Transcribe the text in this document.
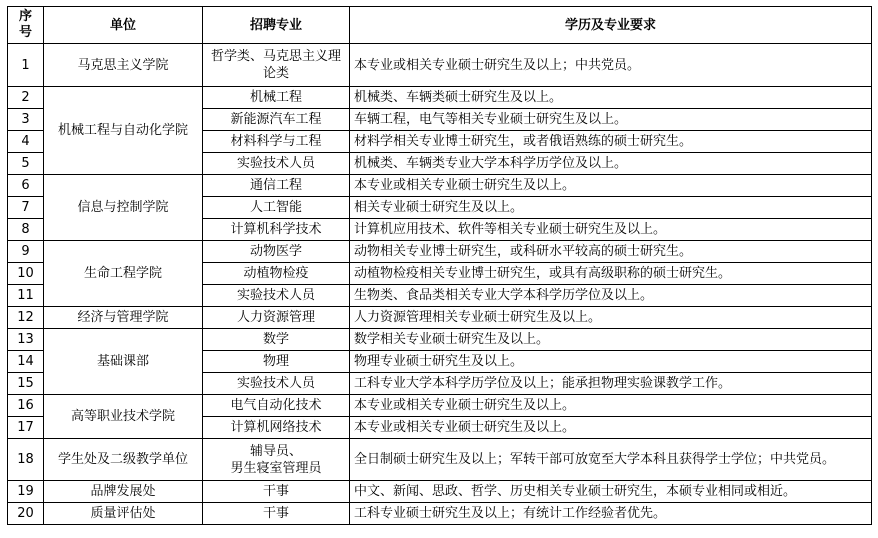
序
号	单位	招聘专业	学历及专业要求
1	马克思主义学院	哲学类、马克思主义理论类	本专业或相关专业硕士研究生及以上；中共党员。
2	机械工程与自动化学院	机械工程	机械类、车辆类硕士研究生及以上。
3		新能源汽车工程	车辆工程，电气等相关专业硕士研究生及以上。
4		材料科学与工程	材料学相关专业博士研究生，或者俄语熟练的硕士研究生。
5		实验技术人员	机械类、车辆类专业大学本科学历学位及以上。
6	信息与控制学院	通信工程	本专业或相关专业硕士研究生及以上。
7		人工智能	相关专业硕士研究生及以上。
8		计算机科学技术	计算机应用技术、软件等相关专业硕士研究生及以上。
9	生命工程学院	动物医学	动物相关专业博士研究生，或科研水平较高的硕士研究生。
10		动植物检疫	动植物检疫相关专业博士研究生，或具有高级职称的硕士研究生。
11		实验技术人员	生物类、食品类相关专业大学本科学历学位及以上。
12	经济与管理学院	人力资源管理	人力资源管理相关专业硕士研究生及以上。
13	基础课部	数学	数学相关专业硕士研究生及以上。
14		物理	物理专业硕士研究生及以上。
15		实验技术人员	工科专业大学本科学历学位及以上；能承担物理实验课教学工作。
16	高等职业技术学院	电气自动化技术	本专业或相关专业硕士研究生及以上。
17		计算机网络技术	本专业或相关专业硕士研究生及以上。
18	学生处及二级教学单位	辅导员、
男生寝室管理员	全日制硕士研究生及以上；军转干部可放宽至大学本科且获得学士学位；中共党员。
19	品牌发展处	干事	中文、新闻、思政、哲学、历史相关专业硕士研究生，本硕专业相同或相近。
20	质量评估处	干事	工科专业硕士研究生及以上；有统计工作经验者优先。
